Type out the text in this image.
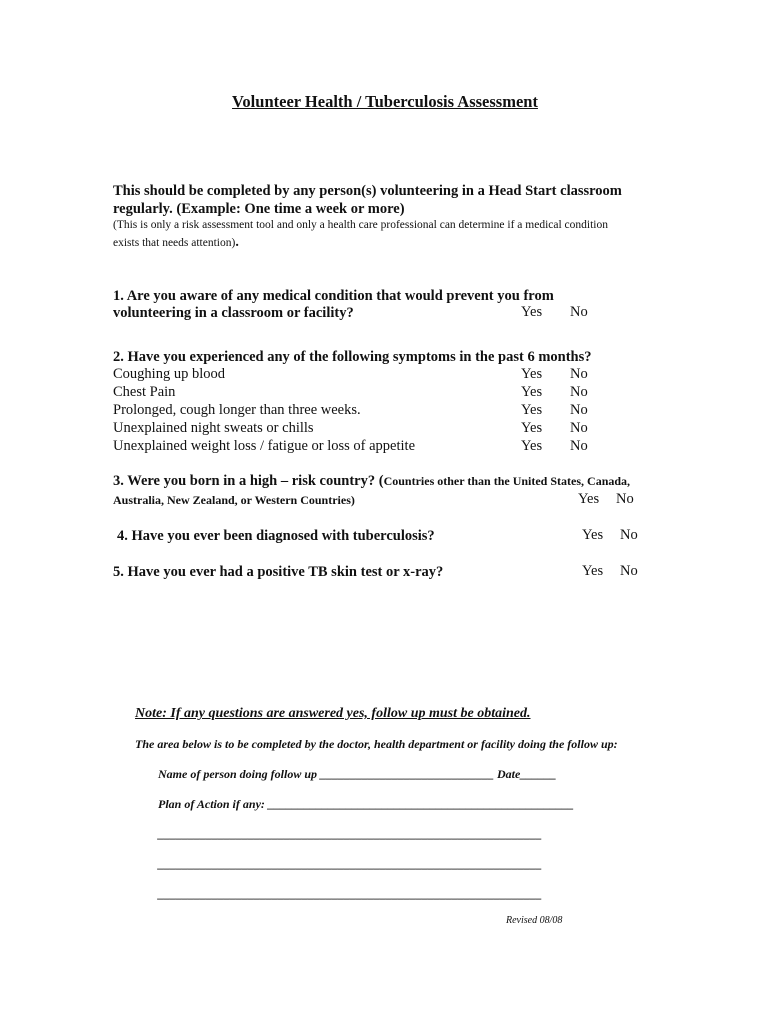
Volunteer Health / Tuberculosis Assessment
This should be completed by any person(s) volunteering in a Head Start classroom
regularly. (Example: One time a week or more)
(This is only a risk assessment tool and only a health care professional can determine if a medical condition
exists that needs attention).
1. Are you aware of any medical condition that would prevent you from
volunteering in a classroom or facility?	Yes No
2. Have you experienced any of the following symptoms in the past 6 months?
Coughing up blood	Yes No
Chest Pain	Yes No
Prolonged, cough longer than three weeks.	Yes No
Unexplained night sweats or chills	Yes No
Unexplained weight loss / fatigue or loss of appetite	Yes No
3. Were you born in a high – risk country? (Countries other than the United States, Canada,
Australia, New Zealand, or Western Countries)	Yes No
4. Have you ever been diagnosed with tuberculosis?	Yes No
5. Have you ever had a positive TB skin test or x-ray?	Yes No
Note: If any questions are answered yes, follow up must be obtained.
The area below is to be completed by the doctor, health department or facility doing the follow up:
Name of person doing follow up _____________________________ Date______
Plan of Action if any: ___________________________________________________
________________________________________________________________
________________________________________________________________
________________________________________________________________
Revised 08/08
